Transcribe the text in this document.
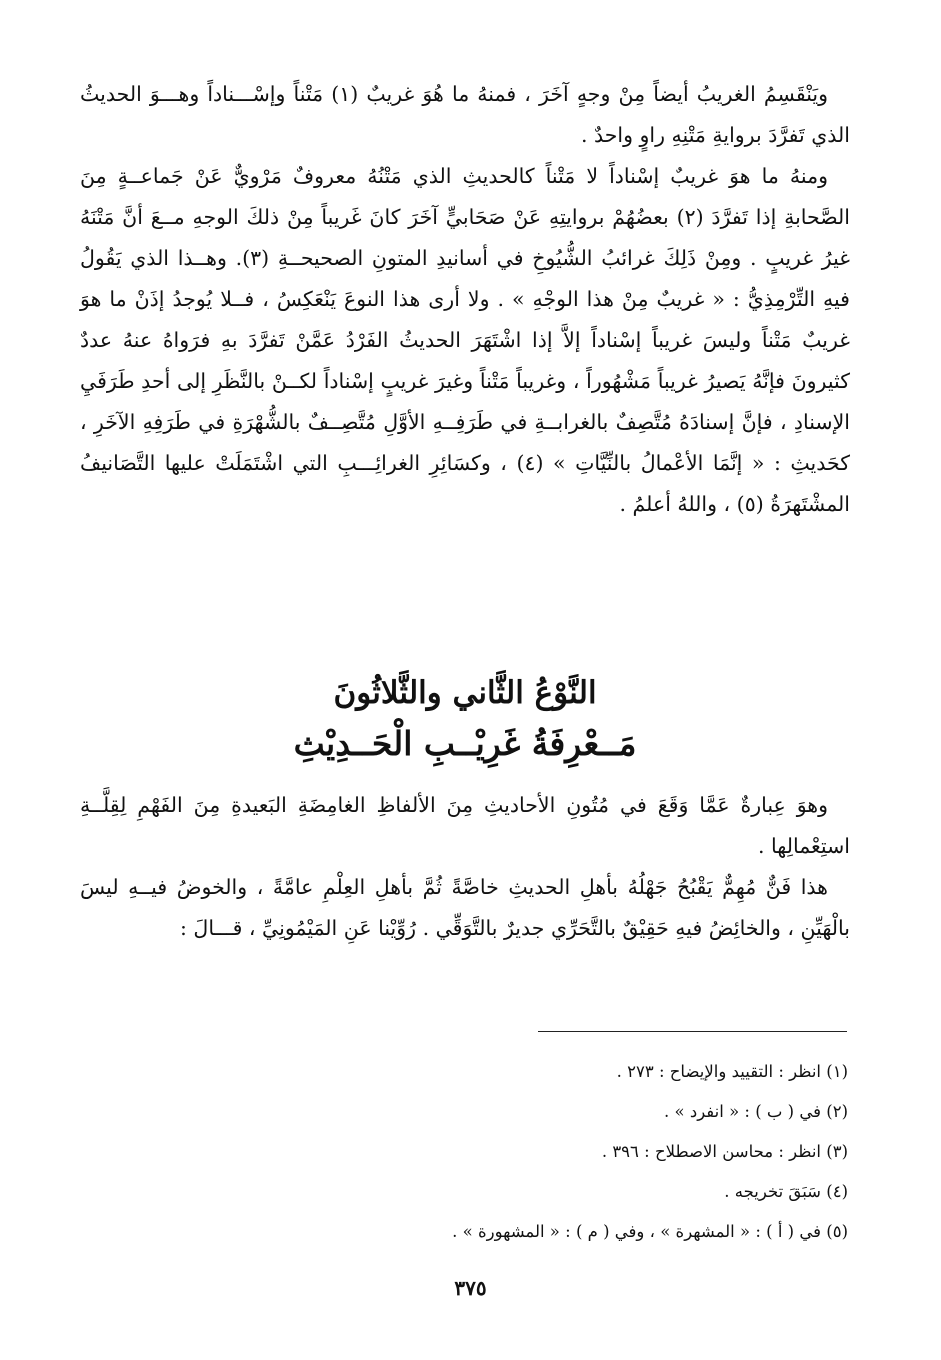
ويَنْقَسِمُ الغريبُ أيضاً مِنْ وجهٍ آخَرَ ، فمنهُ ما هُوَ غريبٌ (١) مَتْناً وإسْـــناداً وهـــوَ الحديثُ الذي تَفرَّدَ بروايةِ مَتْنِهِ راوٍ واحدٌ .

ومنهُ ما هوَ غريبٌ إسْناداً لا مَتْناً كالحديثِ الذي مَتْنُهُ معروفٌ مَرْويٌّ عَنْ جَماعــةٍ مِنَ الصَّحابةِ إذا تَفرَّدَ (٢) بعضُهُمْ بروايتِهِ عَنْ صَحَابيٍّ آخَرَ كانَ غَريباً مِنْ ذلكَ الوجهِ مــعَ أنَّ مَتْنَهُ غيرُ غريبٍ . ومِنْ ذَلِكَ غرائبُ الشُّيُوخِ في أسانيدِ المتونِ الصحيحــةِ (٣). وهــذا الذي يَقُولُ فيهِ التِّرْمِذِيُّ : « غريبٌ مِنْ هذا الوجْهِ » . ولا أرى هذا النوعَ يَنْعَكِسُ ، فــلا يُوجدُ إذَنْ ما هوَ غريبٌ مَتْناً وليسَ غريباً إسْناداً إلاَّ إذا اشْتَهَرَ الحديثُ الفَرْدُ عَمَّنْ تَفرَّدَ بهِ فرَواهُ عنهُ عددٌ كثيرونَ فإنَّهُ يَصيرُ غريباً مَشْهُوراً ، وغريباً مَتْناً وغيرَ غريبٍ إسْناداً لكــنْ بالنَّظَرِ إلى أحدِ طَرَفَيِ الإسنادِ ، فإنَّ إسنادَهُ مُتَّصِفٌ بالغرابــةِ في طَرَفِــهِ الأوَّلِ مُتَّصِــفٌ بالشُّهْرَةِ في طَرَفِهِ الآخَرِ ، كحَديثِ : « إنَّمَا الأعْمالُ بالنِّيَّاتِ » (٤) ، وكسَائِرِ الغرائِـــبِ التي اشْتَمَلَتْ عليها التَّصَانيفُ المشْتَهرَةُ (٥) ، واللهُ أعلمُ .

النَّوْعُ الثَّاني والثَّلاثُونَ
مَــعْرِفَةُ غَرِيْــبِ الْحَــدِيْثِ

وهوَ عِبارةٌ عَمَّا وَقَعَ في مُتُونِ الأحاديثِ مِنَ الألفاظِ الغامِضَةِ البَعيدةِ مِنَ الفَهْمِ لِقِلَّــةِ استِعْمالِها .

هذا فَنٌّ مُهِمٌّ يَقْبُحُ جَهْلُهُ بأهلِ الحديثِ خاصَّةً ثُمَّ بأهلِ العِلْمِ عامَّةً ، والخوضُ فيــهِ ليسَ بالْهَيِّنِ ، والخائِضُ فيهِ حَقِيْقٌ بالتَّحَرِّي جديرٌ بالتَّوَقِّي . رُوِّيْنا عَنِ المَيْمُونِيِّ ، قـــالَ :

(١) انظر : التقييد والإيضاح : ٢٧٣ .
(٢) في ( ب ) : « انفرد » .
(٣) انظر : محاسن الاصطلاح : ٣٩٦ .
(٤) سَبَقَ تخريجه .
(٥) في ( أ ) : « المشهرة » ، وفي ( م ) : « المشهورة » .
٣٧٥
